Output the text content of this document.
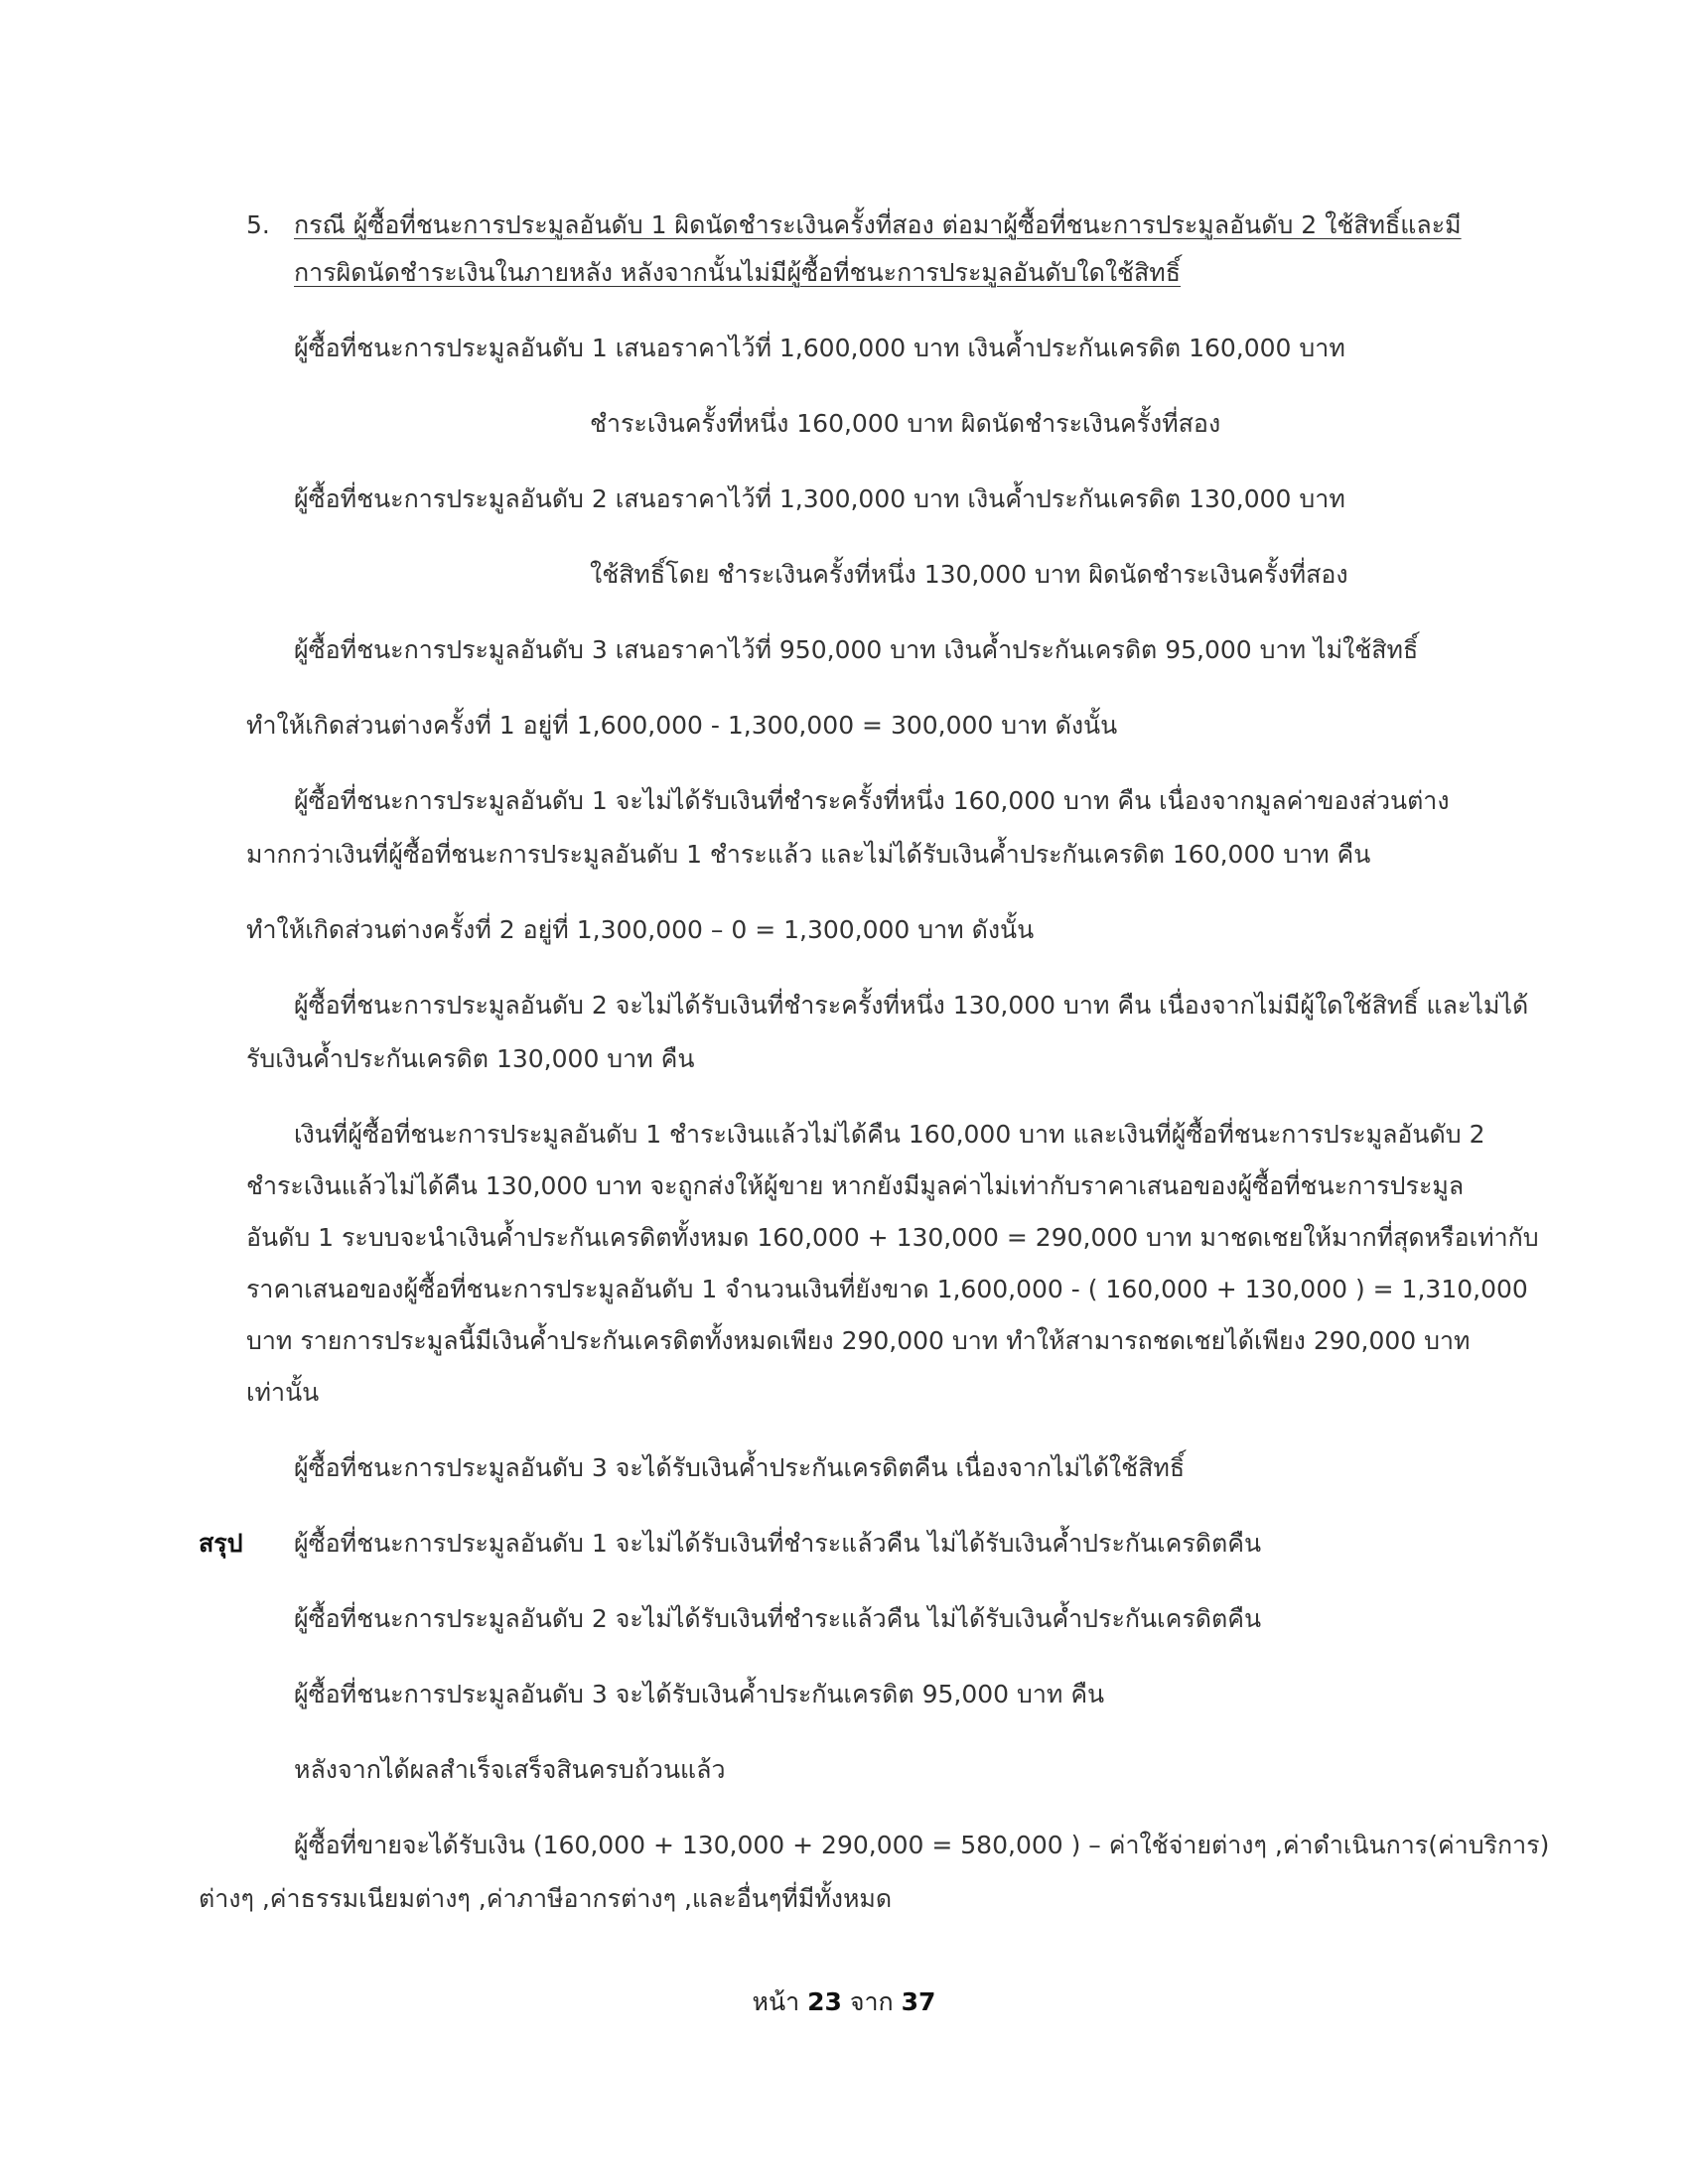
5. กรณี ผู้ซื้อที่ชนะการประมูลอันดับ 1 ผิดนัดชำระเงินครั้งที่สอง ต่อมาผู้ซื้อที่ชนะการประมูลอันดับ 2 ใช้สิทธิ์และมี
การผิดนัดชำระเงินในภายหลัง หลังจากนั้นไม่มีผู้ซื้อที่ชนะการประมูลอันดับใดใช้สิทธิ์
ผู้ซื้อที่ชนะการประมูลอันดับ 1 เสนอราคาไว้ที่ 1,600,000 บาท เงินค้ำประกันเครดิต 160,000 บาท
ชำระเงินครั้งที่หนึ่ง 160,000 บาท ผิดนัดชำระเงินครั้งที่สอง
ผู้ซื้อที่ชนะการประมูลอันดับ 2 เสนอราคาไว้ที่ 1,300,000 บาท เงินค้ำประกันเครดิต 130,000 บาท
ใช้สิทธิ์โดย ชำระเงินครั้งที่หนึ่ง 130,000 บาท ผิดนัดชำระเงินครั้งที่สอง
ผู้ซื้อที่ชนะการประมูลอันดับ 3 เสนอราคาไว้ที่ 950,000 บาท เงินค้ำประกันเครดิต 95,000 บาท ไม่ใช้สิทธิ์
ทำให้เกิดส่วนต่างครั้งที่ 1 อยู่ที่ 1,600,000 - 1,300,000 = 300,000 บาท ดังนั้น
ผู้ซื้อที่ชนะการประมูลอันดับ 1 จะไม่ได้รับเงินที่ชำระครั้งที่หนึ่ง 160,000 บาท คืน เนื่องจากมูลค่าของส่วนต่าง
มากกว่าเงินที่ผู้ซื้อที่ชนะการประมูลอันดับ 1 ชำระแล้ว และไม่ได้รับเงินค้ำประกันเครดิต 160,000 บาท คืน
ทำให้เกิดส่วนต่างครั้งที่ 2 อยู่ที่ 1,300,000 – 0 = 1,300,000 บาท ดังนั้น
ผู้ซื้อที่ชนะการประมูลอันดับ 2 จะไม่ได้รับเงินที่ชำระครั้งที่หนึ่ง 130,000 บาท คืน เนื่องจากไม่มีผู้ใดใช้สิทธิ์ และไม่ได้
รับเงินค้ำประกันเครดิต 130,000 บาท คืน
เงินที่ผู้ซื้อที่ชนะการประมูลอันดับ 1 ชำระเงินแล้วไม่ได้คืน 160,000 บาท และเงินที่ผู้ซื้อที่ชนะการประมูลอันดับ 2
ชำระเงินแล้วไม่ได้คืน 130,000 บาท จะถูกส่งให้ผู้ขาย หากยังมีมูลค่าไม่เท่ากับราคาเสนอของผู้ซื้อที่ชนะการประมูล
อันดับ 1 ระบบจะนำเงินค้ำประกันเครดิตทั้งหมด 160,000 + 130,000 = 290,000 บาท มาชดเชยให้มากที่สุดหรือเท่ากับ
ราคาเสนอของผู้ซื้อที่ชนะการประมูลอันดับ 1 จำนวนเงินที่ยังขาด 1,600,000 - ( 160,000 + 130,000 ) = 1,310,000
บาท รายการประมูลนี้มีเงินค้ำประกันเครดิตทั้งหมดเพียง 290,000 บาท ทำให้สามารถชดเชยได้เพียง 290,000 บาท
เท่านั้น
ผู้ซื้อที่ชนะการประมูลอันดับ 3 จะได้รับเงินค้ำประกันเครดิตคืน เนื่องจากไม่ได้ใช้สิทธิ์
สรุป ผู้ซื้อที่ชนะการประมูลอันดับ 1 จะไม่ได้รับเงินที่ชำระแล้วคืน ไม่ได้รับเงินค้ำประกันเครดิตคืน
ผู้ซื้อที่ชนะการประมูลอันดับ 2 จะไม่ได้รับเงินที่ชำระแล้วคืน ไม่ได้รับเงินค้ำประกันเครดิตคืน
ผู้ซื้อที่ชนะการประมูลอันดับ 3 จะได้รับเงินค้ำประกันเครดิต 95,000 บาท คืน
หลังจากได้ผลสำเร็จเสร็จสินครบถ้วนแล้ว
ผู้ซื้อที่ขายจะได้รับเงิน (160,000 + 130,000 + 290,000 = 580,000 ) – ค่าใช้จ่ายต่างๆ ,ค่าดำเนินการ(ค่าบริการ)
ต่างๆ ,ค่าธรรมเนียมต่างๆ ,ค่าภาษีอากรต่างๆ ,และอื่นๆที่มีทั้งหมด
หน้า 23 จาก 37
